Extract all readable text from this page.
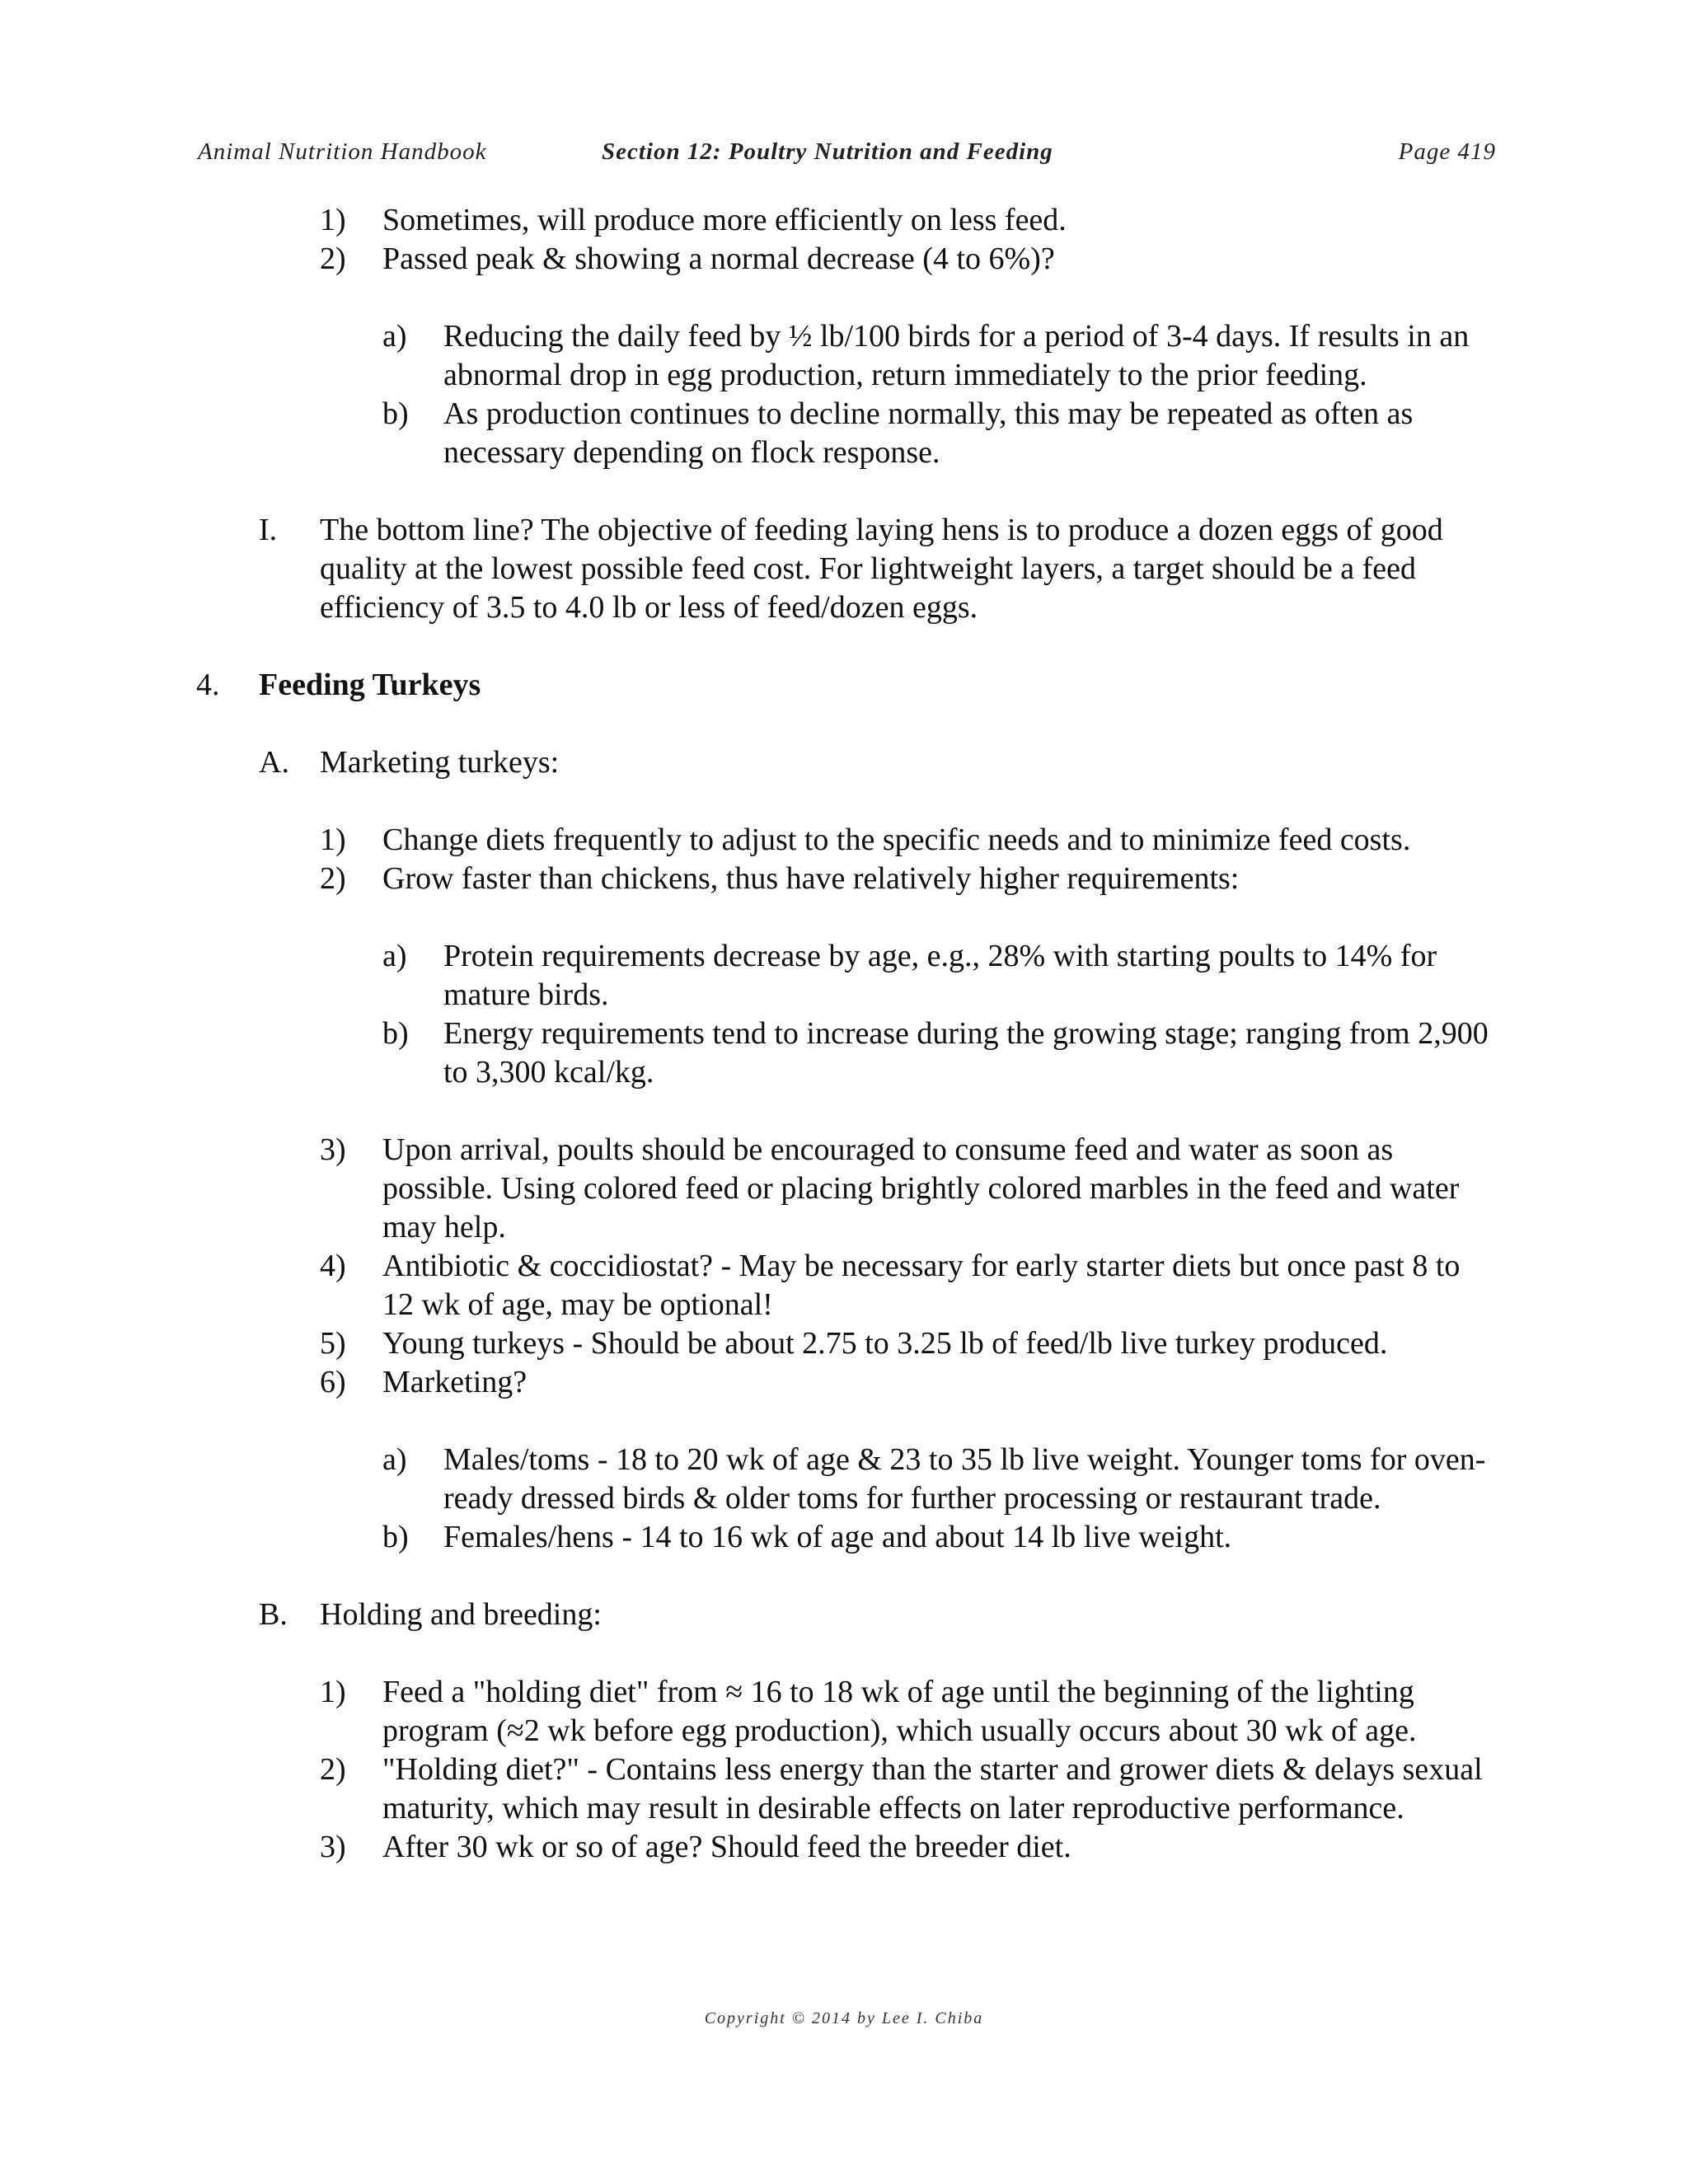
Animal Nutrition Handbook	Section 12: Poultry Nutrition and Feeding	Page 419
1) Sometimes, will produce more efficiently on less feed.
2) Passed peak & showing a normal decrease (4 to 6%)?
a) Reducing the daily feed by ½ lb/100 birds for a period of 3-4 days. If results in an abnormal drop in egg production, return immediately to the prior feeding.
b) As production continues to decline normally, this may be repeated as often as necessary depending on flock response.
I. The bottom line? The objective of feeding laying hens is to produce a dozen eggs of good quality at the lowest possible feed cost. For lightweight layers, a target should be a feed efficiency of 3.5 to 4.0 lb or less of feed/dozen eggs.
4. Feeding Turkeys
A. Marketing turkeys:
1) Change diets frequently to adjust to the specific needs and to minimize feed costs.
2) Grow faster than chickens, thus have relatively higher requirements:
a) Protein requirements decrease by age, e.g., 28% with starting poults to 14% for mature birds.
b) Energy requirements tend to increase during the growing stage; ranging from 2,900 to 3,300 kcal/kg.
3) Upon arrival, poults should be encouraged to consume feed and water as soon as possible. Using colored feed or placing brightly colored marbles in the feed and water may help.
4) Antibiotic & coccidiostat? - May be necessary for early starter diets but once past 8 to 12 wk of age, may be optional!
5) Young turkeys - Should be about 2.75 to 3.25 lb of feed/lb live turkey produced.
6) Marketing?
a) Males/toms - 18 to 20 wk of age & 23 to 35 lb live weight. Younger toms for oven-ready dressed birds & older toms for further processing or restaurant trade.
b) Females/hens - 14 to 16 wk of age and about 14 lb live weight.
B. Holding and breeding:
1) Feed a "holding diet" from ≈ 16 to 18 wk of age until the beginning of the lighting program (≈2 wk before egg production), which usually occurs about 30 wk of age.
2) "Holding diet?" - Contains less energy than the starter and grower diets & delays sexual maturity, which may result in desirable effects on later reproductive performance.
3) After 30 wk or so of age? Should feed the breeder diet.
Copyright © 2014 by Lee I. Chiba
